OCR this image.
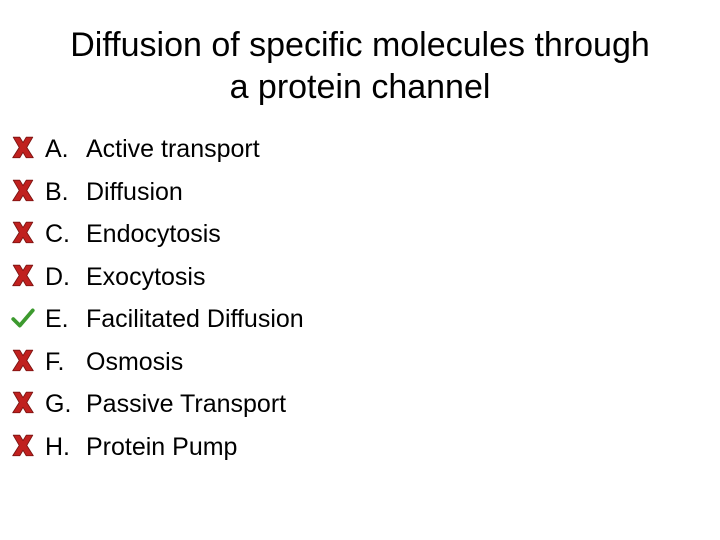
Diffusion of specific molecules through
a protein channel
A. Active transport
B. Diffusion
C. Endocytosis
D. Exocytosis
E. Facilitated Diffusion
F. Osmosis
G. Passive Transport
H. Protein Pump
